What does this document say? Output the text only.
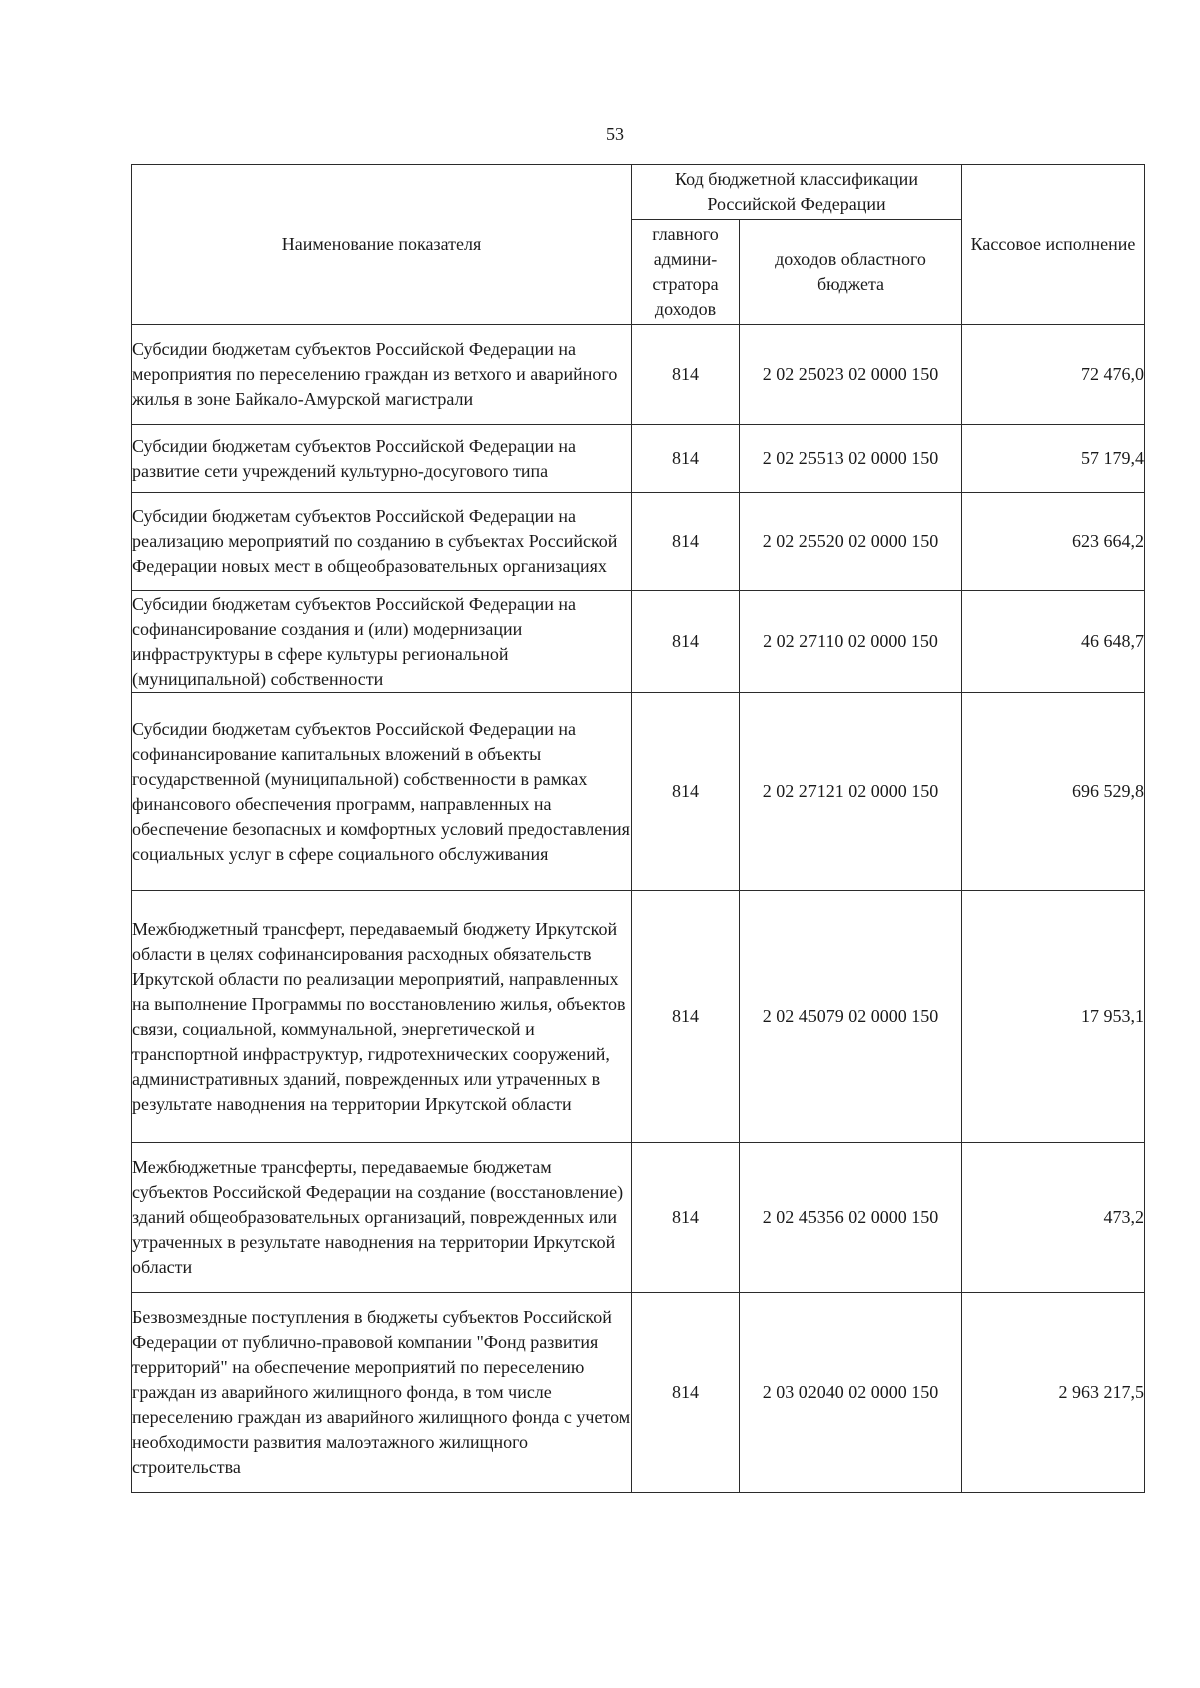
53
Наименование показателя	Код бюджетной классификации Российской Федерации		Кассовое исполнение
	главного админи-стратора доходов	доходов областного бюджета	
Субсидии бюджетам субъектов Российской Федерации на мероприятия по переселению граждан из ветхого и аварийного жилья в зоне Байкало-Амурской магистрали	814	2 02 25023 02 0000 150	72 476,0
Субсидии бюджетам субъектов Российской Федерации на развитие сети учреждений культурно-досугового типа	814	2 02 25513 02 0000 150	57 179,4
Субсидии бюджетам субъектов Российской Федерации на реализацию мероприятий по созданию в субъектах Российской Федерации новых мест в общеобразовательных организациях	814	2 02 25520 02 0000 150	623 664,2
Субсидии бюджетам субъектов Российской Федерации на софинансирование создания и (или) модернизации инфраструктуры в сфере культуры региональной (муниципальной) собственности	814	2 02 27110 02 0000 150	46 648,7
Субсидии бюджетам субъектов Российской Федерации на софинансирование капитальных вложений в объекты государственной (муниципальной) собственности в рамках финансового обеспечения программ, направленных на обеспечение безопасных и комфортных условий предоставления социальных услуг в сфере социального обслуживания	814	2 02 27121 02 0000 150	696 529,8
Межбюджетный трансферт, передаваемый бюджету Иркутской области в целях софинансирования расходных обязательств Иркутской области по реализации мероприятий, направленных на выполнение Программы по восстановлению жилья, объектов связи, социальной, коммунальной, энергетической и транспортной инфраструктур, гидротехнических сооружений, административных зданий, поврежденных или утраченных в результате наводнения на территории Иркутской области	814	2 02 45079 02 0000 150	17 953,1
Межбюджетные трансферты, передаваемые бюджетам субъектов Российской Федерации на создание (восстановление) зданий общеобразовательных организаций, поврежденных или утраченных в результате наводнения на территории Иркутской области	814	2 02 45356 02 0000 150	473,2
Безвозмездные поступления в бюджеты субъектов Российской Федерации от публично-правовой компании "Фонд развития территорий" на обеспечение мероприятий по переселению граждан из аварийного жилищного фонда, в том числе переселению граждан из аварийного жилищного фонда с учетом необходимости развития малоэтажного жилищного строительства	814	2 03 02040 02 0000 150	2 963 217,5
